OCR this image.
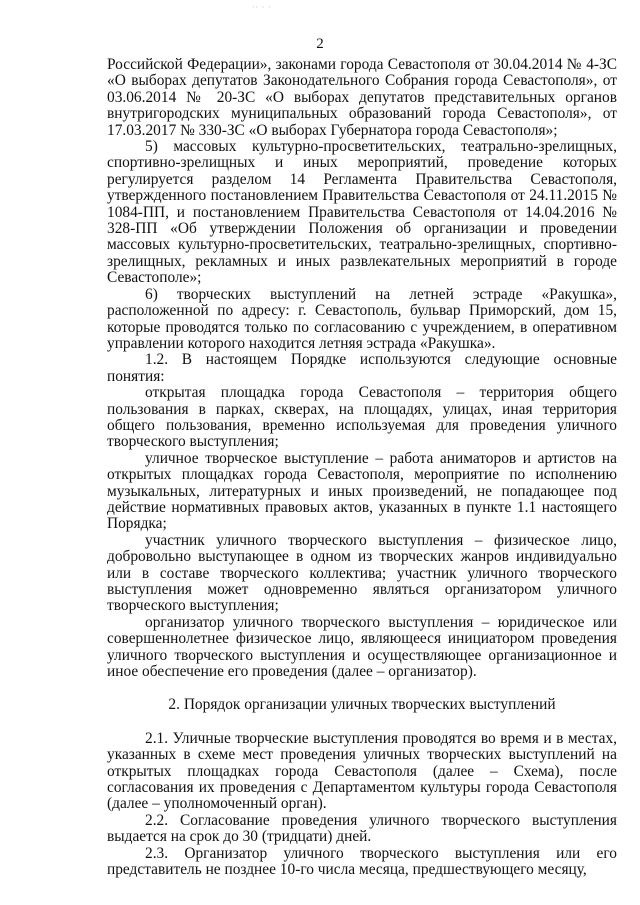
·· · ·
2

Российской Федерации», законами города Севастополя от 30.04.2014 № 4-ЗС «О выборах депутатов Законодательного Собрания города Севастополя», от 03.06.2014 № 20-ЗС «О выборах депутатов представительных органов внутригородских муниципальных образований города Севастополя», от 17.03.2017 № 330-ЗС «О выборах Губернатора города Севастополя»;

5) массовых культурно-просветительских, театрально-зрелищных, спортивно-зрелищных и иных мероприятий, проведение которых регулируется разделом 14 Регламента Правительства Севастополя, утвержденного постановлением Правительства Севастополя от 24.11.2015 № 1084-ПП, и постановлением Правительства Севастополя от 14.04.2016 № 328-ПП «Об утверждении Положения об организации и проведении массовых культурно-просветительских, театрально-зрелищных, спортивно-зрелищных, рекламных и иных развлекательных мероприятий в городе Севастополе»;

6) творческих выступлений на летней эстраде «Ракушка», расположенной по адресу: г. Севастополь, бульвар Приморский, дом 15, которые проводятся только по согласованию с учреждением, в оперативном управлении которого находится летняя эстрада «Ракушка».

1.2. В настоящем Порядке используются следующие основные понятия:

открытая площадка города Севастополя – территория общего пользования в парках, скверах, на площадях, улицах, иная территория общего пользования, временно используемая для проведения уличного творческого выступления;

уличное творческое выступление – работа аниматоров и артистов на открытых площадках города Севастополя, мероприятие по исполнению музыкальных, литературных и иных произведений, не попадающее под действие нормативных правовых актов, указанных в пункте 1.1 настоящего Порядка;

участник уличного творческого выступления – физическое лицо, добровольно выступающее в одном из творческих жанров индивидуально или в составе творческого коллектива; участник уличного творческого выступления может одновременно являться организатором уличного творческого выступления;

организатор уличного творческого выступления – юридическое или совершеннолетнее физическое лицо, являющееся инициатором проведения уличного творческого выступления и осуществляющее организационное и иное обеспечение его проведения (далее – организатор).

2. Порядок организации уличных творческих выступлений

2.1. Уличные творческие выступления проводятся во время и в местах, указанных в схеме мест проведения уличных творческих выступлений на открытых площадках города Севастополя (далее – Схема), после согласования их проведения с Департаментом культуры города Севастополя (далее – уполномоченный орган).

2.2. Согласование проведения уличного творческого выступления выдается на срок до 30 (тридцати) дней.

2.3. Организатор уличного творческого выступления или его представитель не позднее 10-го числа месяца, предшествующего месяцу,
